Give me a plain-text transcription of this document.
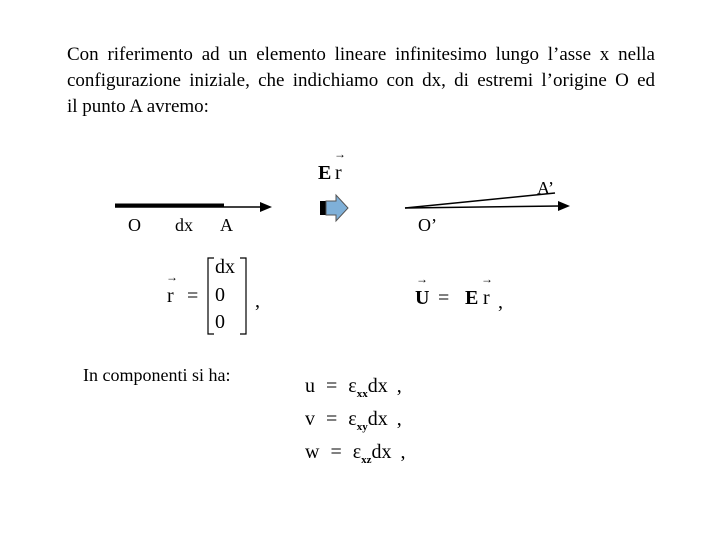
Con riferimento ad un elemento lineare infinitesimo lungo l’asse x nella
configurazione iniziale, che indichiamo con dx, di estremi l’origine O ed
il punto A avremo:
O dx A
A’
O’
E r
→
→
r =
dx
0
0
,
→
U = E
→
r ,
In componenti si ha:	$u = \varepsilon_{xx}dx$ ,
$v = \varepsilon_{xy}dx$ ,
$w = \varepsilon_{xz}dx$ ,
